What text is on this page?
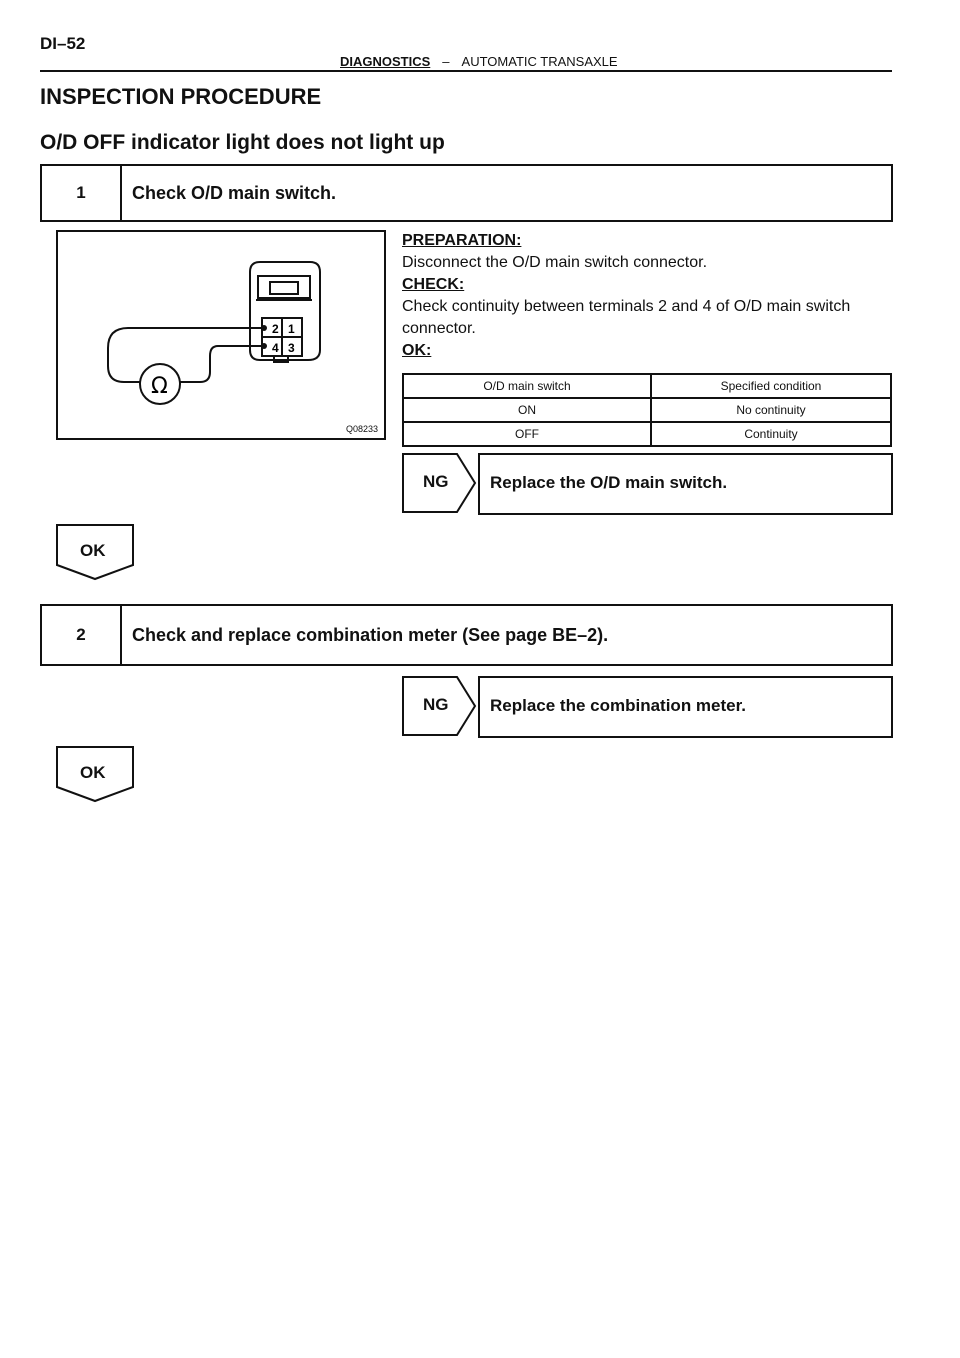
DI–52
DIAGNOSTICS – AUTOMATIC TRANSAXLE
INSPECTION PROCEDURE
O/D OFF indicator light does not light up
1	Check O/D main switch.
2 1
4 3
Ω
Q08233
PREPARATION:
Disconnect the O/D main switch connector.
CHECK:
Check continuity between terminals 2 and 4 of O/D main switch connector.
OK:
O/D main switch	Specified condition
ON	No continuity
OFF	Continuity
NG Replace the O/D main switch.
OK
2	Check and replace combination meter (See page BE–2).
NG Replace the combination meter.
OK
